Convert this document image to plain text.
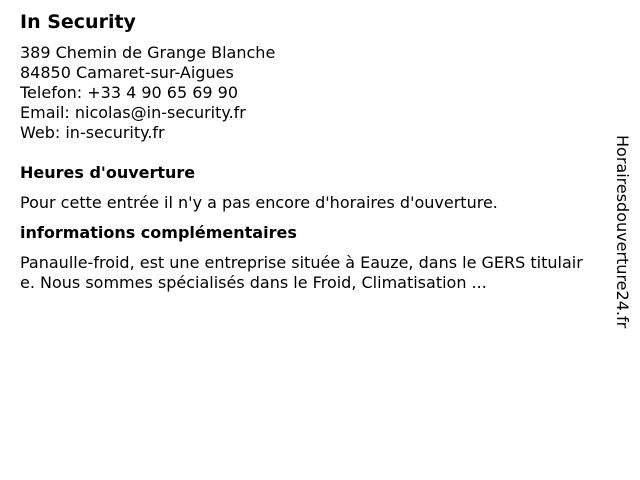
In Security
389 Chemin de Grange Blanche
84850 Camaret-sur-Aigues
Telefon: +33 4 90 65 69 90
Email: nicolas@in-security.fr
Web: in-security.fr
Heures d'ouverture
Pour cette entrée il n'y a pas encore d'horaires d'ouverture.
informations complémentaires
Panaulle-froid, est une entreprise située à Eauze, dans le GERS titulaire. Nous sommes spécialisés dans le Froid, Climatisation ...	Horairesdouverture24.fr
